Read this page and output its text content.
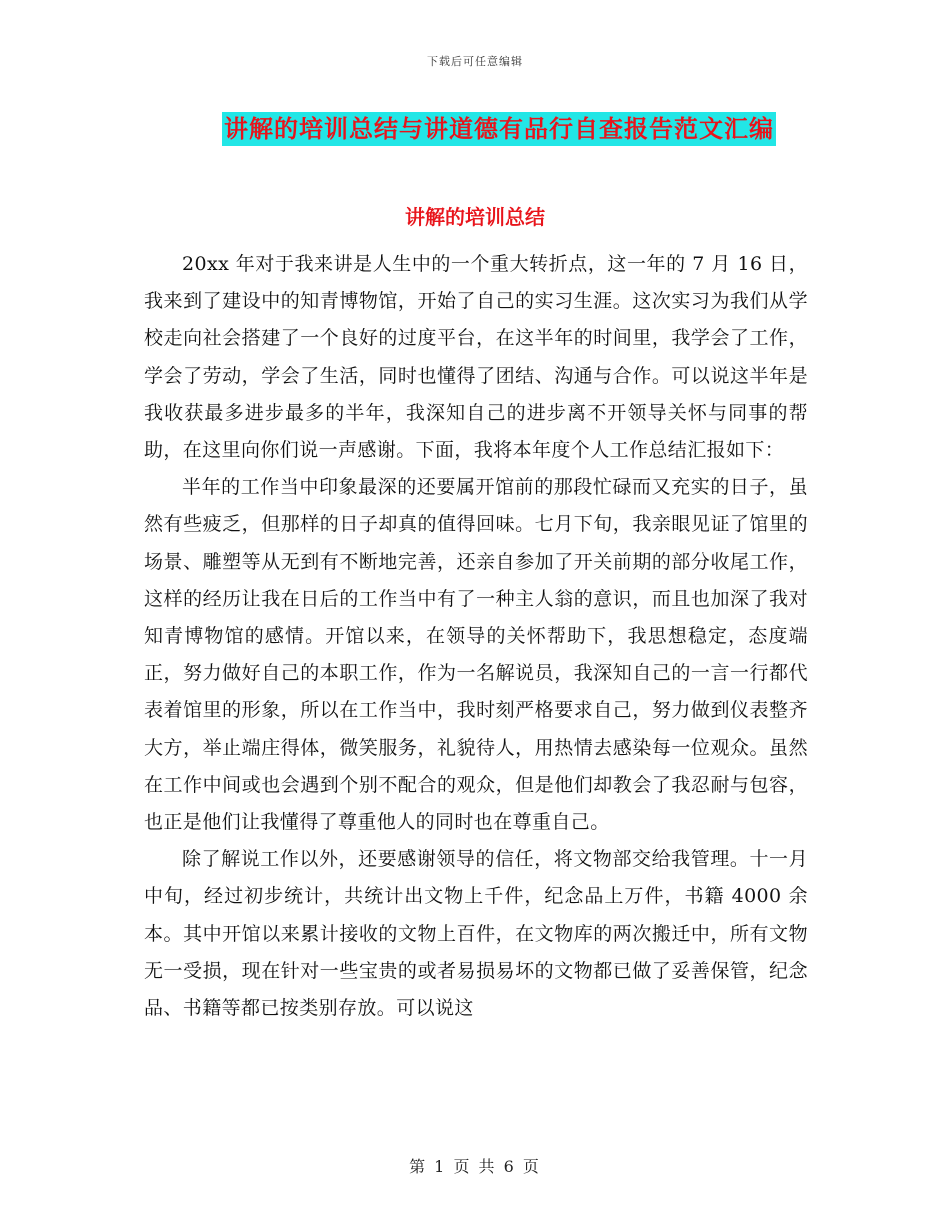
下载后可任意编辑
讲解的培训总结与讲道德有品行自查报告范文汇编
讲解的培训总结

20xx 年对于我来讲是人生中的一个重大转折点，这一年的 7 月 16 日，我来到了建设中的知青博物馆，开始了自己的实习生涯。这次实习为我们从学校走向社会搭建了一个良好的过度平台，在这半年的时间里，我学会了工作，学会了劳动，学会了生活，同时也懂得了团结、沟通与合作。可以说这半年是我收获最多进步最多的半年，我深知自己的进步离不开领导关怀与同事的帮助，在这里向你们说一声感谢。下面，我将本年度个人工作总结汇报如下：

半年的工作当中印象最深的还要属开馆前的那段忙碌而又充实的日子，虽然有些疲乏，但那样的日子却真的值得回味。七月下旬，我亲眼见证了馆里的场景、雕塑等从无到有不断地完善，还亲自参加了开关前期的部分收尾工作，这样的经历让我在日后的工作当中有了一种主人翁的意识，而且也加深了我对知青博物馆的感情。开馆以来，在领导的关怀帮助下，我思想稳定，态度端正，努力做好自己的本职工作，作为一名解说员，我深知自己的一言一行都代表着馆里的形象，所以在工作当中，我时刻严格要求自己，努力做到仪表整齐大方，举止端庄得体，微笑服务，礼貌待人，用热情去感染每一位观众。虽然在工作中间或也会遇到个别不配合的观众，但是他们却教会了我忍耐与包容，也正是他们让我懂得了尊重他人的同时也在尊重自己。

除了解说工作以外，还要感谢领导的信任，将文物部交给我管理。十一月中旬，经过初步统计，共统计出文物上千件，纪念品上万件，书籍 4000 余本。其中开馆以来累计接收的文物上百件，在文物库的两次搬迁中，所有文物无一受损，现在针对一些宝贵的或者易损易坏的文物都已做了妥善保管，纪念品、书籍等都已按类别存放。可以说这

第 1 页 共 6 页
